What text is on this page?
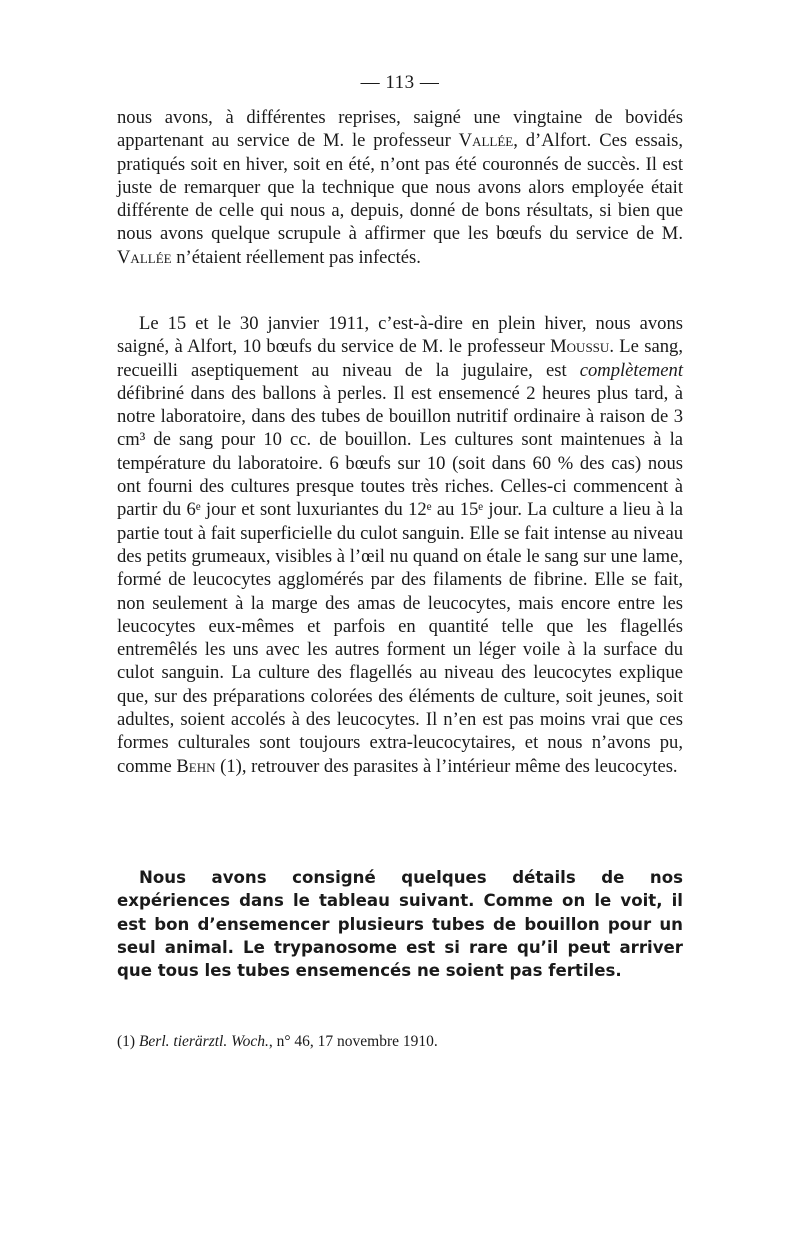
— 113 —

nous avons, à différentes reprises, saigné une vingtaine de bovidés appartenant au service de M. le professeur Vallée, d’Alfort. Ces essais, pratiqués soit en hiver, soit en été, n’ont pas été couronnés de succès. Il est juste de remarquer que la technique que nous avons alors employée était différente de celle qui nous a, depuis, donné de bons résultats, si bien que nous avons quelque scrupule à affirmer que les bœufs du service de M. Vallée n’étaient réellement pas infectés.

Le 15 et le 30 janvier 1911, c’est-à-dire en plein hiver, nous avons saigné, à Alfort, 10 bœufs du service de M. le professeur Moussu. Le sang, recueilli aseptiquement au niveau de la jugulaire, est complètement défibriné dans des ballons à perles. Il est ensemencé 2 heures plus tard, à notre laboratoire, dans des tubes de bouillon nutritif ordinaire à raison de 3 cm³ de sang pour 10 cc. de bouillon. Les cultures sont maintenues à la température du laboratoire. 6 bœufs sur 10 (soit dans 60 % des cas) nous ont fourni des cultures presque toutes très riches. Celles-ci commencent à partir du 6ᵉ jour et sont luxuriantes du 12ᵉ au 15ᵉ jour. La culture a lieu à la partie tout à fait superficielle du culot sanguin. Elle se fait intense au niveau des petits grumeaux, visibles à l’œil nu quand on étale le sang sur une lame, formé de leucocytes agglomérés par des filaments de fibrine. Elle se fait, non seulement à la marge des amas de leucocytes, mais encore entre les leucocytes eux-mêmes et parfois en quantité telle que les flagellés entremêlés les uns avec les autres forment un léger voile à la surface du culot sanguin. La culture des flagellés au niveau des leucocytes explique que, sur des préparations colorées des éléments de culture, soit jeunes, soit adultes, soient accolés à des leucocytes. Il n’en est pas moins vrai que ces formes culturales sont toujours extra-leucocytaires, et nous n’avons pu, comme Behn (1), retrouver des parasites à l’intérieur même des leucocytes.

Nous avons consigné quelques détails de nos expériences dans le tableau suivant. Comme on le voit, il est bon d’ensemencer plusieurs tubes de bouillon pour un seul animal. Le trypanosome est si rare qu’il peut arriver que tous les tubes ensemencés ne soient pas fertiles.

(1) Berl. tierärztl. Woch., n° 46, 17 novembre 1910.
